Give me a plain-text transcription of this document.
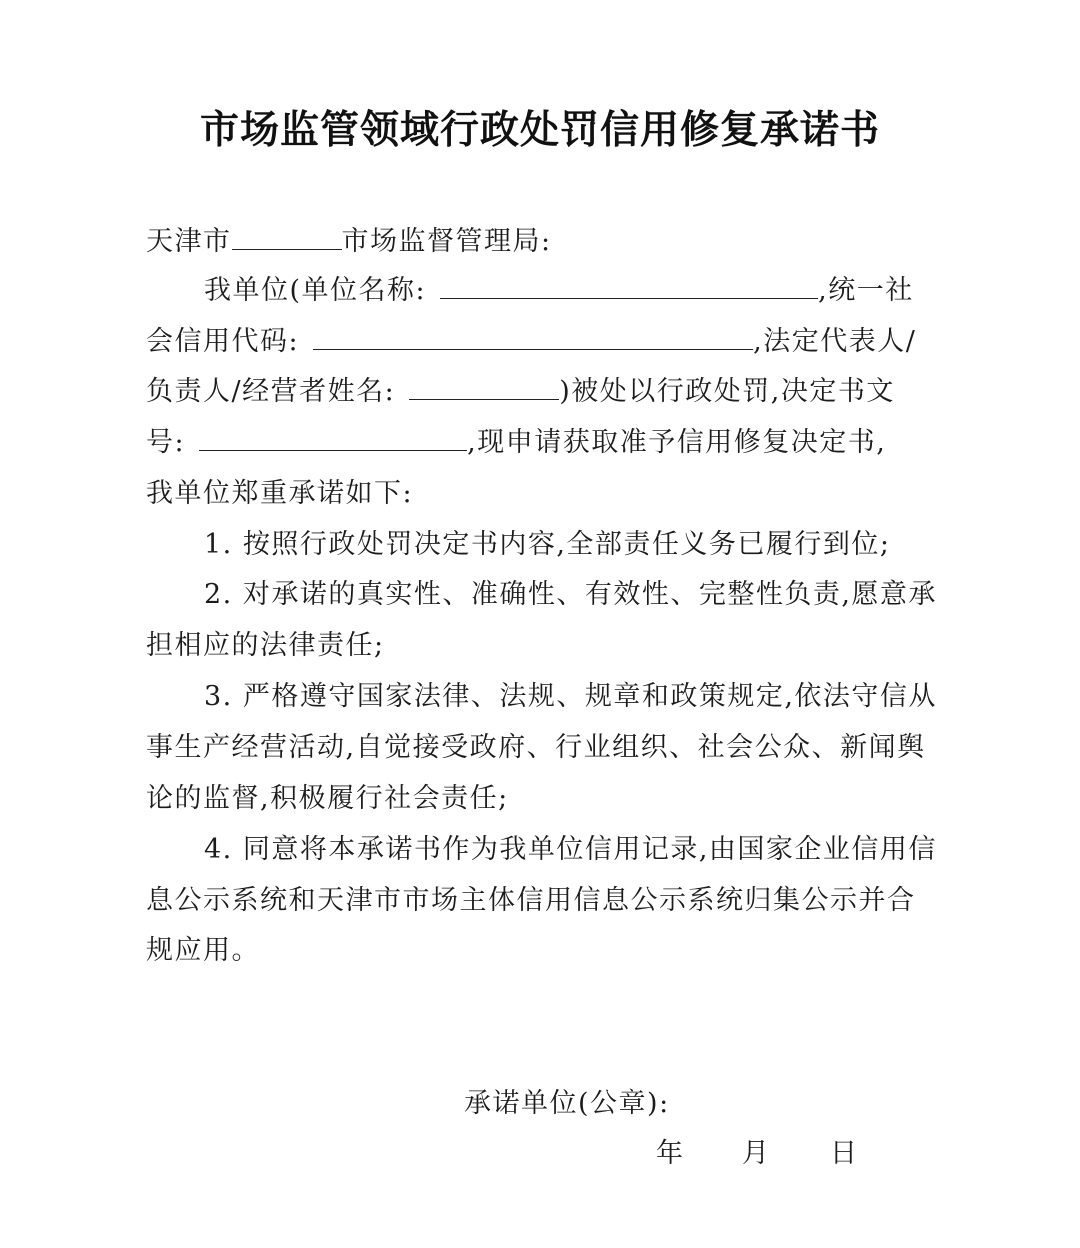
市场监管领域行政处罚信用修复承诺书
天津市	市场监督管理局:
我单位(单位名称:	,统一社
会信用代码:	,法定代表人/
负责人/经营者姓名:	)被处以行政处罚,决定书文
号:	,现申请获取准予信用修复决定书,
我单位郑重承诺如下:
1. 按照行政处罚决定书内容,全部责任义务已履行到位;
2. 对承诺的真实性、准确性、有效性、完整性负责,愿意承
担相应的法律责任;
3. 严格遵守国家法律、法规、规章和政策规定,依法守信从
事生产经营活动,自觉接受政府、行业组织、社会公众、新闻舆
论的监督,积极履行社会责任;
4. 同意将本承诺书作为我单位信用记录,由国家企业信用信
息公示系统和天津市市场主体信用信息公示系统归集公示并合
规应用。
承诺单位(公章):
年 月 日
